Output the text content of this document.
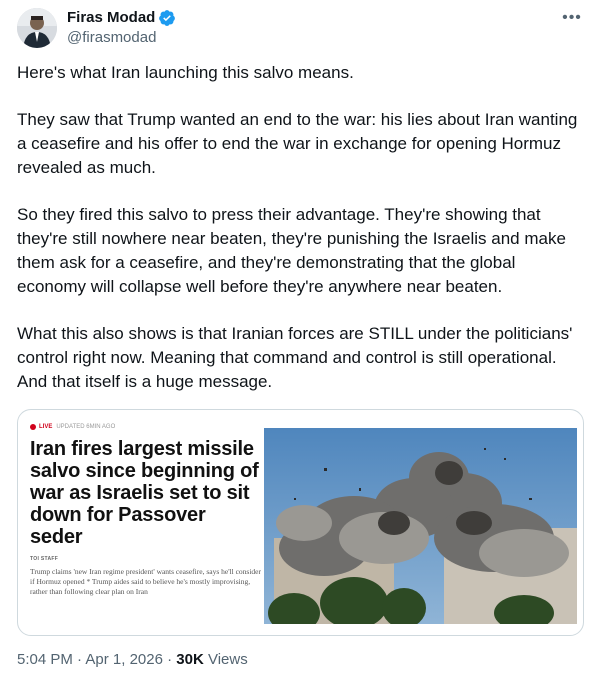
Firas Modad
@firasmodad
•••

Here's what Iran launching this salvo means.

They saw that Trump wanted an end to the war: his lies about Iran wanting a ceasefire and his offer to end the war in exchange for opening Hormuz revealed as much.

So they fired this salvo to press their advantage. They're showing that they're still nowhere near beaten, they're punishing the Israelis and make them ask for a ceasefire, and they're demonstrating that the global economy will collapse well before they're anywhere near beaten.

What this also shows is that Iranian forces are STILL under the politicians' control right now. Meaning that command and control is still operational. And that itself is a huge message.

LIVE UPDATED 6MIN AGO
Iran fires largest missile salvo since beginning of war as Israelis set to sit down for Passover seder
TOI STAFF
Trump claims 'new Iran regime president' wants ceasefire, says he'll consider if Hormuz opened * Trump aides said to believe he's mostly improvising, rather than following clear plan on Iran
5:04 PM · Apr 1, 2026 · 30K Views
